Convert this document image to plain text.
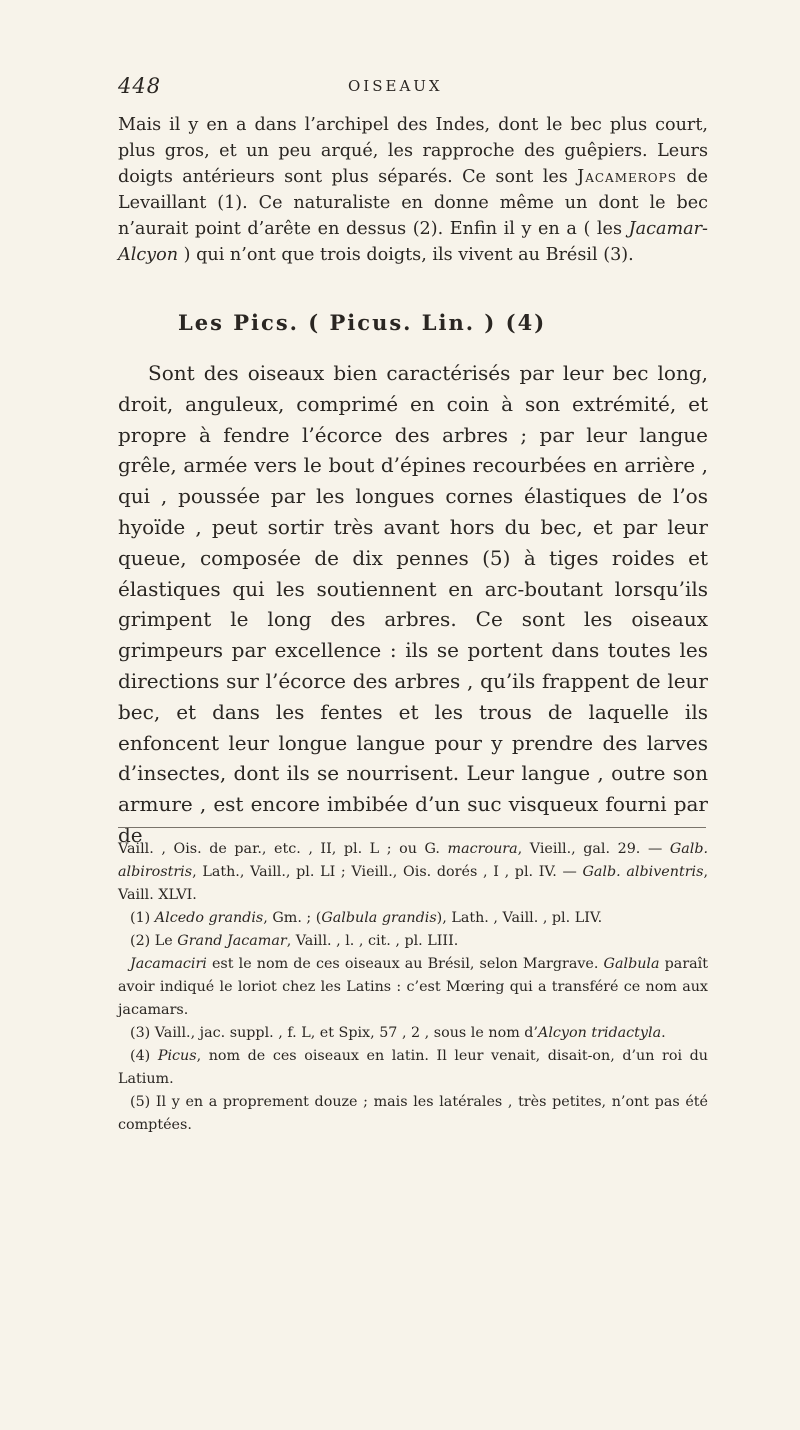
448	OISEAUX

Mais il y en a dans l’archipel des Indes, dont le bec plus court, plus gros, et un peu arqué, les rapproche des guêpiers. Leurs doigts antérieurs sont plus séparés. Ce sont les Jacamerops de Levaillant (1). Ce naturaliste en donne même un dont le bec n’aurait point d’arête en dessus (2). Enfin il y en a ( les Jacamar-Alcyon ) qui n’ont que trois doigts, ils vivent au Brésil (3).

Les Pics. ( Picus. Lin. ) (4)

Sont des oiseaux bien caractérisés par leur bec long, droit, anguleux, comprimé en coin à son extrémité, et propre à fendre l’écorce des arbres ; par leur langue grêle, armée vers le bout d’épines recourbées en arrière , qui , poussée par les longues cornes élastiques de l’os hyoïde , peut sortir très avant hors du bec, et par leur queue, composée de dix pennes (5) à tiges roides et élastiques qui les soutiennent en arc-boutant lorsqu’ils grimpent le long des arbres. Ce sont les oiseaux grimpeurs par excellence : ils se portent dans toutes les directions sur l’écorce des arbres , qu’ils frappent de leur bec, et dans les fentes et les trous de laquelle ils enfoncent leur longue langue pour y prendre des larves d’insectes, dont ils se nourrisent. Leur langue , outre son armure , est encore imbibée d’un suc visqueux fourni par de

Vaill. , Ois. de par., etc. , II, pl. L ; ou G. macroura, Vieill., gal. 29. — Galb. albirostris, Lath., Vaill., pl. LI ; Vieill., Ois. dorés , I , pl. IV. — Galb. albiventris, Vaill. XLVI.

(1) Alcedo grandis, Gm. ; (Galbula grandis), Lath. , Vaill. , pl. LIV.

(2) Le Grand Jacamar, Vaill. , l. , cit. , pl. LIII.

Jacamaciri est le nom de ces oiseaux au Brésil, selon Margrave. Galbula paraît avoir indiqué le loriot chez les Latins : c’est Mœring qui a transféré ce nom aux jacamars.

(3) Vaill., jac. suppl. , f. L, et Spix, 57 , 2 , sous le nom d’Alcyon tridactyla.

(4) Picus, nom de ces oiseaux en latin. Il leur venait, disait-on, d’un roi du Latium.

(5) Il y en a proprement douze ; mais les latérales , très petites, n’ont pas été comptées.
